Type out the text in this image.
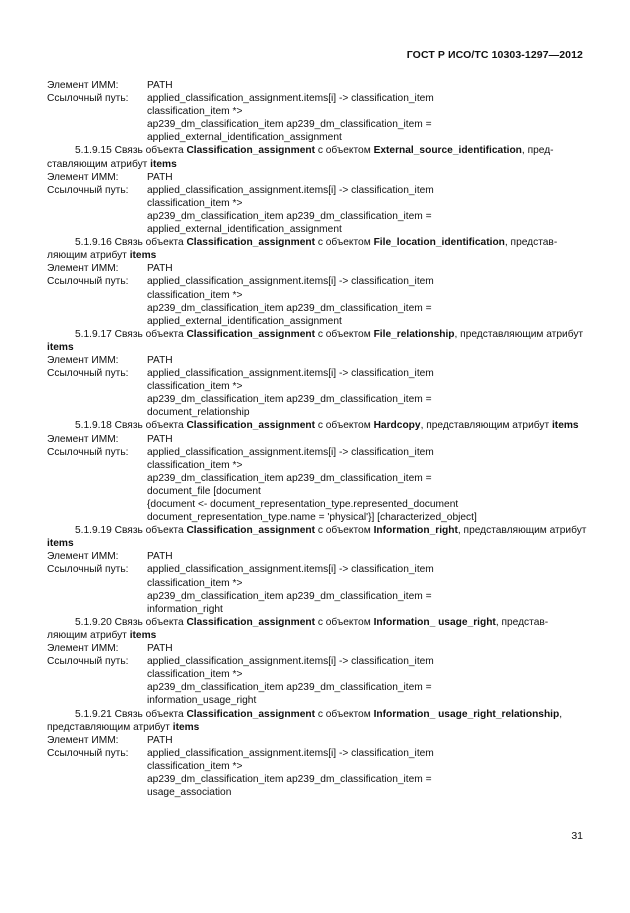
ГОСТ Р ИСО/ТС 10303-1297—2012
Элемент ИММ:	PATH
Ссылочный путь:	applied_classification_assignment.items[i] -> classification_item
classification_item *>
ap239_dm_classification_item ap239_dm_classification_item =
applied_external_identification_assignment
5.1.9.15 Связь объекта Classification_assignment с объектом External_source_identification, пред-ставляющим атрибут items
Элемент ИММ:	PATH
Ссылочный путь:	applied_classification_assignment.items[i] -> classification_item
classification_item *>
ap239_dm_classification_item ap239_dm_classification_item =
applied_external_identification_assignment
5.1.9.16 Связь объекта Classification_assignment с объектом File_location_identification, представ-ляющим атрибут items
Элемент ИММ:	PATH
Ссылочный путь:	applied_classification_assignment.items[i] -> classification_item
classification_item *>
ap239_dm_classification_item ap239_dm_classification_item =
applied_external_identification_assignment
5.1.9.17 Связь объекта Classification_assignment с объектом File_relationship, представляющим атрибут items
Элемент ИММ:	PATH
Ссылочный путь:	applied_classification_assignment.items[i] -> classification_item
classification_item *>
ap239_dm_classification_item ap239_dm_classification_item =
document_relationship
5.1.9.18 Связь объекта Classification_assignment с объектом Hardcopy, представляющим атрибут items
Элемент ИММ:	PATH
Ссылочный путь:	applied_classification_assignment.items[i] -> classification_item
classification_item *>
ap239_dm_classification_item ap239_dm_classification_item =
document_file [document
{document <- document_representation_type.represented_document
document_representation_type.name = 'physical'}] [characterized_object]
5.1.9.19 Связь объекта Classification_assignment с объектом Information_right, представляющим атрибут items
Элемент ИММ:	PATH
Ссылочный путь:	applied_classification_assignment.items[i] -> classification_item
classification_item *>
ap239_dm_classification_item ap239_dm_classification_item =
information_right
5.1.9.20 Связь объекта Classification_assignment с объектом Information_ usage_right, представ-ляющим атрибут items
Элемент ИММ:	PATH
Ссылочный путь:	applied_classification_assignment.items[i] -> classification_item
classification_item *>
ap239_dm_classification_item ap239_dm_classification_item =
information_usage_right
5.1.9.21 Связь объекта Classification_assignment с объектом Information_ usage_right_relationship, представляющим атрибут items
Элемент ИММ:	PATH
Ссылочный путь:	applied_classification_assignment.items[i] -> classification_item
classification_item *>
ap239_dm_classification_item ap239_dm_classification_item =
usage_association
31
